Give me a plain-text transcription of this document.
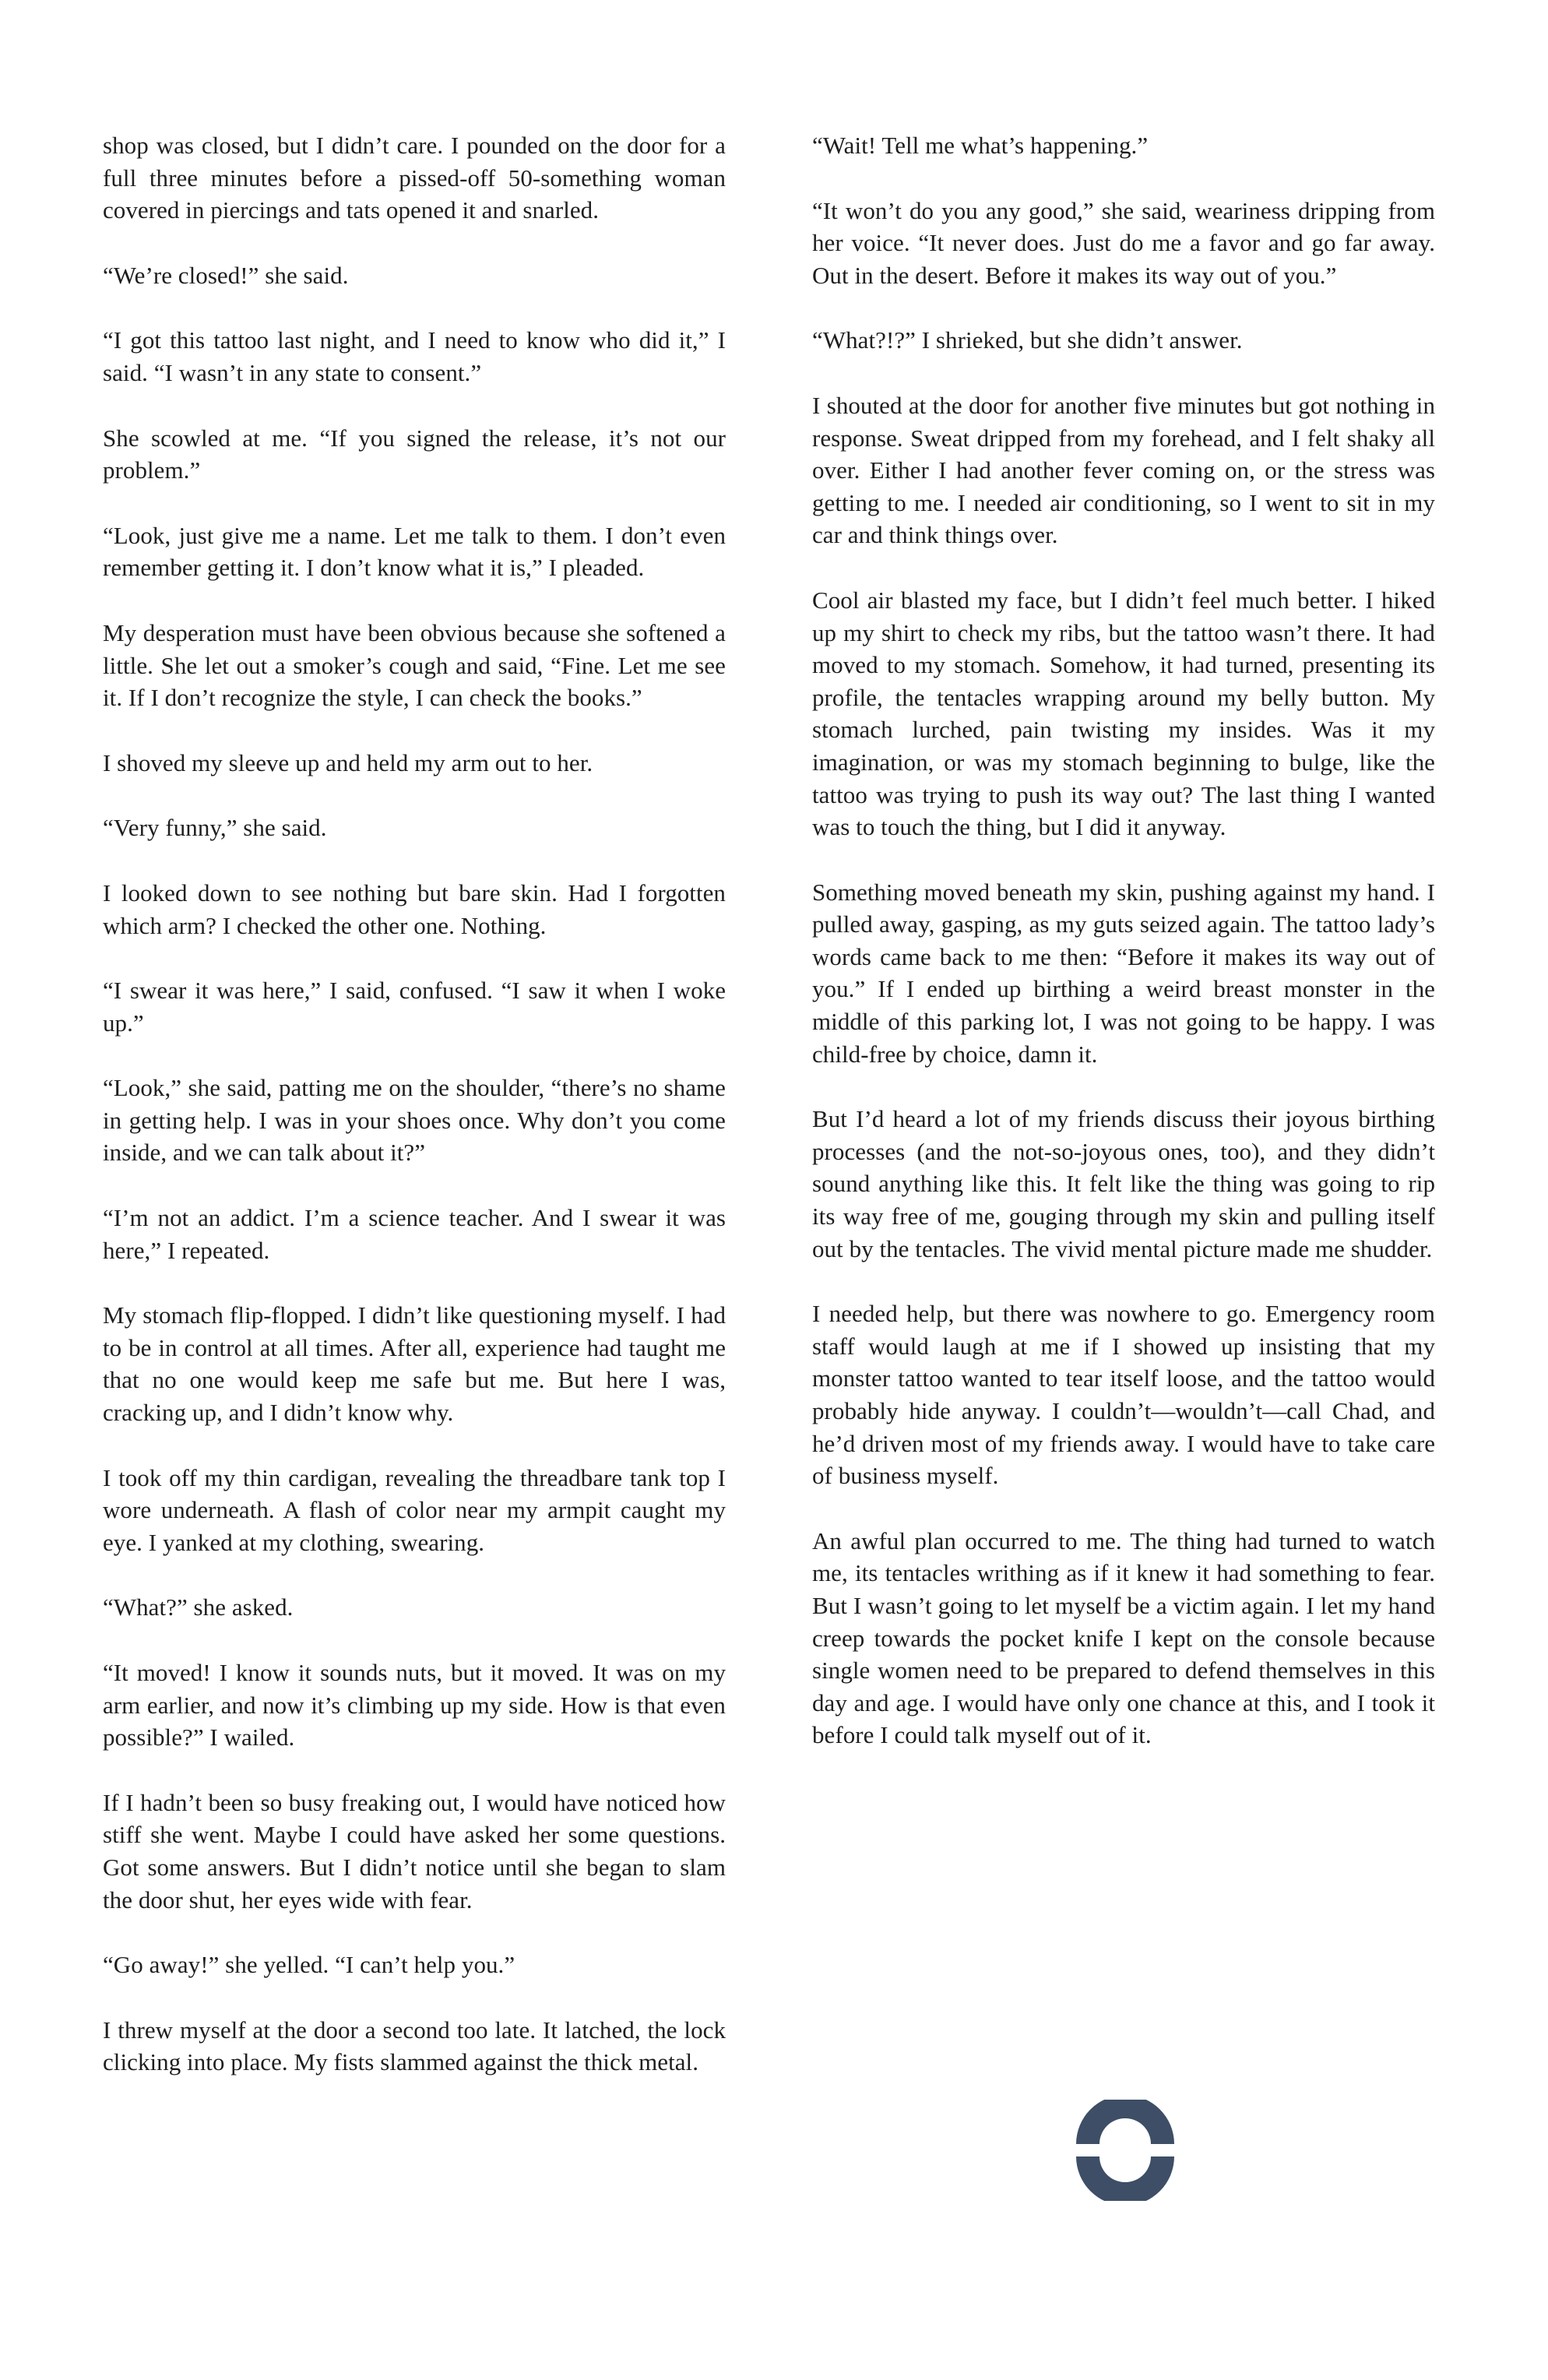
shop was closed, but I didn’t care. I pounded on the door for a full three minutes before a pissed-off 50-something woman covered in piercings and tats opened it and snarled.

“We’re closed!” she said.

“I got this tattoo last night, and I need to know who did it,” I said. “I wasn’t in any state to consent.”

She scowled at me. “If you signed the release, it’s not our problem.”

“Look, just give me a name. Let me talk to them. I don’t even remember getting it. I don’t know what it is,” I pleaded.

My desperation must have been obvious because she softened a little. She let out a smoker’s cough and said, “Fine. Let me see it. If I don’t recognize the style, I can check the books.”

I shoved my sleeve up and held my arm out to her.

“Very funny,” she said.

I looked down to see nothing but bare skin. Had I forgotten which arm? I checked the other one. Nothing.

“I swear it was here,” I said, confused. “I saw it when I woke up.”

“Look,” she said, patting me on the shoulder, “there’s no shame in getting help. I was in your shoes once. Why don’t you come inside, and we can talk about it?”

“I’m not an addict. I’m a science teacher. And I swear it was here,” I repeated.

My stomach flip-flopped. I didn’t like questioning myself. I had to be in control at all times. After all, experience had taught me that no one would keep me safe but me. But here I was, cracking up, and I didn’t know why.

I took off my thin cardigan, revealing the threadbare tank top I wore underneath. A flash of color near my armpit caught my eye. I yanked at my clothing, swearing.

“What?” she asked.

“It moved! I know it sounds nuts, but it moved. It was on my arm earlier, and now it’s climbing up my side. How is that even possible?” I wailed.

If I hadn’t been so busy freaking out, I would have noticed how stiff she went. Maybe I could have asked her some questions. Got some answers. But I didn’t notice until she began to slam the door shut, her eyes wide with fear.

“Go away!” she yelled. “I can’t help you.”

I threw myself at the door a second too late. It latched, the lock clicking into place. My fists slammed against the thick metal.

“Wait! Tell me what’s happening.”

“It won’t do you any good,” she said, weariness dripping from her voice. “It never does. Just do me a favor and go far away. Out in the desert. Before it makes its way out of you.”

“What?!?” I shrieked, but she didn’t answer.

I shouted at the door for another five minutes but got nothing in response. Sweat dripped from my forehead, and I felt shaky all over. Either I had another fever coming on, or the stress was getting to me. I needed air conditioning, so I went to sit in my car and think things over.

Cool air blasted my face, but I didn’t feel much better. I hiked up my shirt to check my ribs, but the tattoo wasn’t there. It had moved to my stomach. Somehow, it had turned, presenting its profile, the tentacles wrapping around my belly button. My stomach lurched, pain twisting my insides. Was it my imagination, or was my stomach beginning to bulge, like the tattoo was trying to push its way out? The last thing I wanted was to touch the thing, but I did it anyway.

Something moved beneath my skin, pushing against my hand. I pulled away, gasping, as my guts seized again. The tattoo lady’s words came back to me then: “Before it makes its way out of you.” If I ended up birthing a weird breast monster in the middle of this parking lot, I was not going to be happy. I was child-free by choice, damn it.

But I’d heard a lot of my friends discuss their joyous birthing processes (and the not-so-joyous ones, too), and they didn’t sound anything like this. It felt like the thing was going to rip its way free of me, gouging through my skin and pulling itself out by the tentacles. The vivid mental picture made me shudder.

I needed help, but there was nowhere to go. Emergency room staff would laugh at me if I showed up insisting that my monster tattoo wanted to tear itself loose, and the tattoo would probably hide anyway. I couldn’t—wouldn’t—call Chad, and he’d driven most of my friends away. I would have to take care of business myself.

An awful plan occurred to me. The thing had turned to watch me, its tentacles writhing as if it knew it had something to fear. But I wasn’t going to let myself be a victim again. I let my hand creep towards the pocket knife I kept on the console because single women need to be prepared to defend themselves in this day and age. I would have only one chance at this, and I took it before I could talk myself out of it.
